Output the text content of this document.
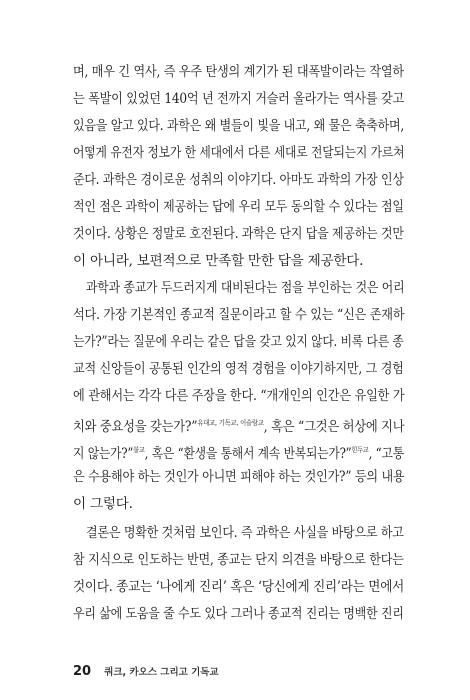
며, 매우 긴 역사, 즉 우주 탄생의 계기가 된 대폭발이라는 작열하
는 폭발이 있었던 140억 년 전까지 거슬러 올라가는 역사를 갖고
있음을 알고 있다. 과학은 왜 별들이 빛을 내고, 왜 물은 축축하며,
어떻게 유전자 정보가 한 세대에서 다른 세대로 전달되는지 가르쳐
준다. 과학은 경이로운 성취의 이야기다. 아마도 과학의 가장 인상
적인 점은 과학이 제공하는 답에 우리 모두 동의할 수 있다는 점일
것이다. 상황은 정말로 호전된다. 과학은 단지 답을 제공하는 것만
이 아니라, 보편적으로 만족할 만한 답을 제공한다.
과학과 종교가 두드러지게 대비된다는 점을 부인하는 것은 어리
석다. 가장 기본적인 종교적 질문이라고 할 수 있는 “신은 존재하
는가?”라는 질문에 우리는 같은 답을 갖고 있지 않다. 비록 다른 종
교적 신앙들이 공통된 인간의 영적 경험을 이야기하지만, 그 경험
에 관해서는 각각 다른 주장을 한다. “개개인의 인간은 유일한 가
치와 중요성을 갖는가?”$^{유대교, 기독교, 이슬람교}$, 혹은 “그것은 허상에 지나
지 않는가?”$^{불교}$, 혹은 “환생을 통해서 계속 반복되는가?”$^{힌두교}$, “고통
은 수용해야 하는 것인가 아니면 피해야 하는 것인가?” 등의 내용
이 그렇다.
결론은 명확한 것처럼 보인다. 즉 과학은 사실을 바탕으로 하고
참 지식으로 인도하는 반면, 종교는 단지 의견을 바탕으로 한다는
것이다. 종교는 ‘나에게 진리’ 혹은 ‘당신에게 진리’라는 면에서
우리 삶에 도움을 줄 수도 있다 그러나 종교적 진리는 명백한 진리
20 쿼크, 카오스 그리고 기독교
